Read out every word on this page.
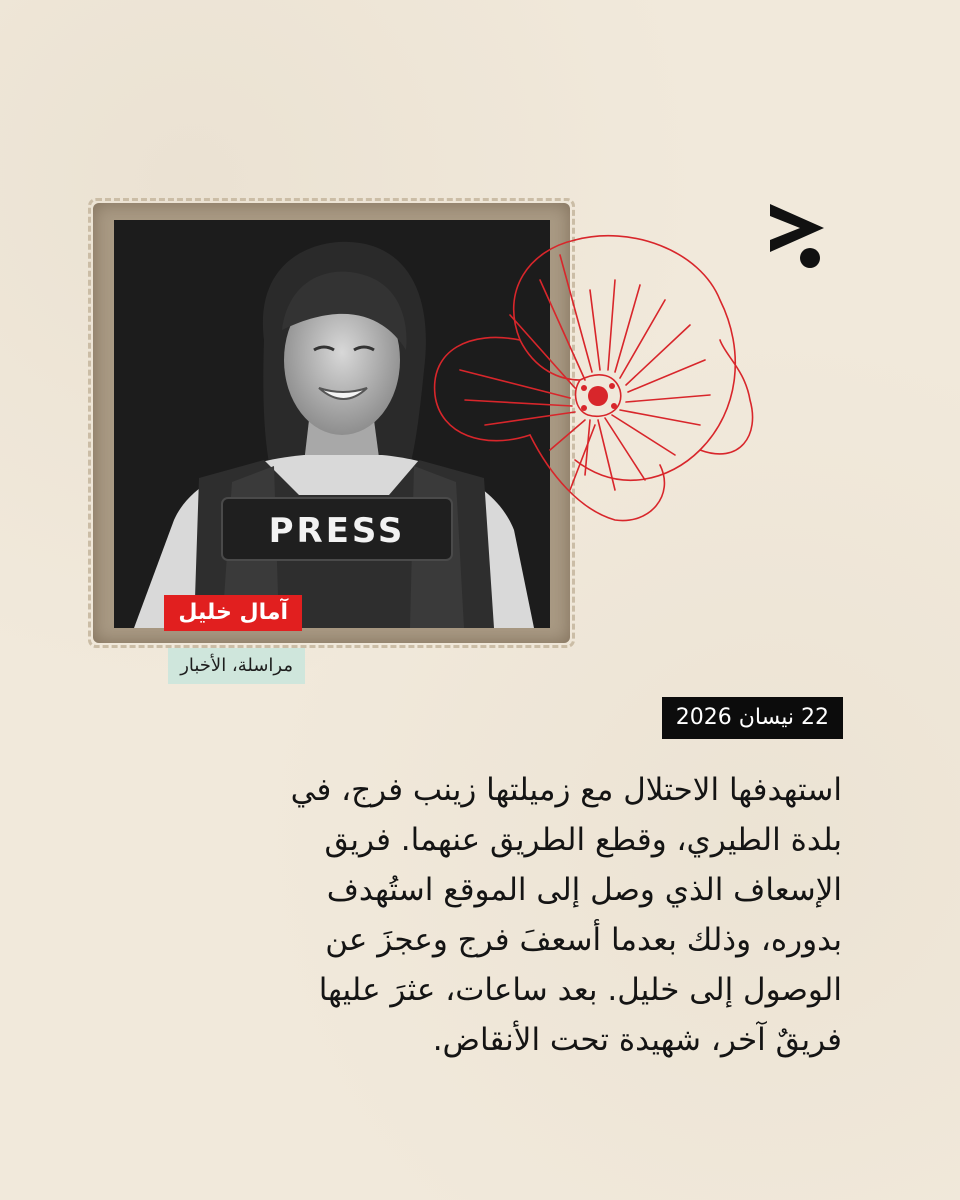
PRESS
آمال خليل
مراسلة، الأخبار
22 نيسان 2026
استهدفها الاحتلال مع زميلتها زينب فرج، في بلدة الطيري، وقطع الطريق عنهما. فريق الإسعاف الذي وصل إلى الموقع استُهدف بدوره، وذلك بعدما أسعفَ فرج وعجزَ عن الوصول إلى خليل. بعد ساعات، عثرَ عليها فريقٌ آخر، شهيدة تحت الأنقاض.
